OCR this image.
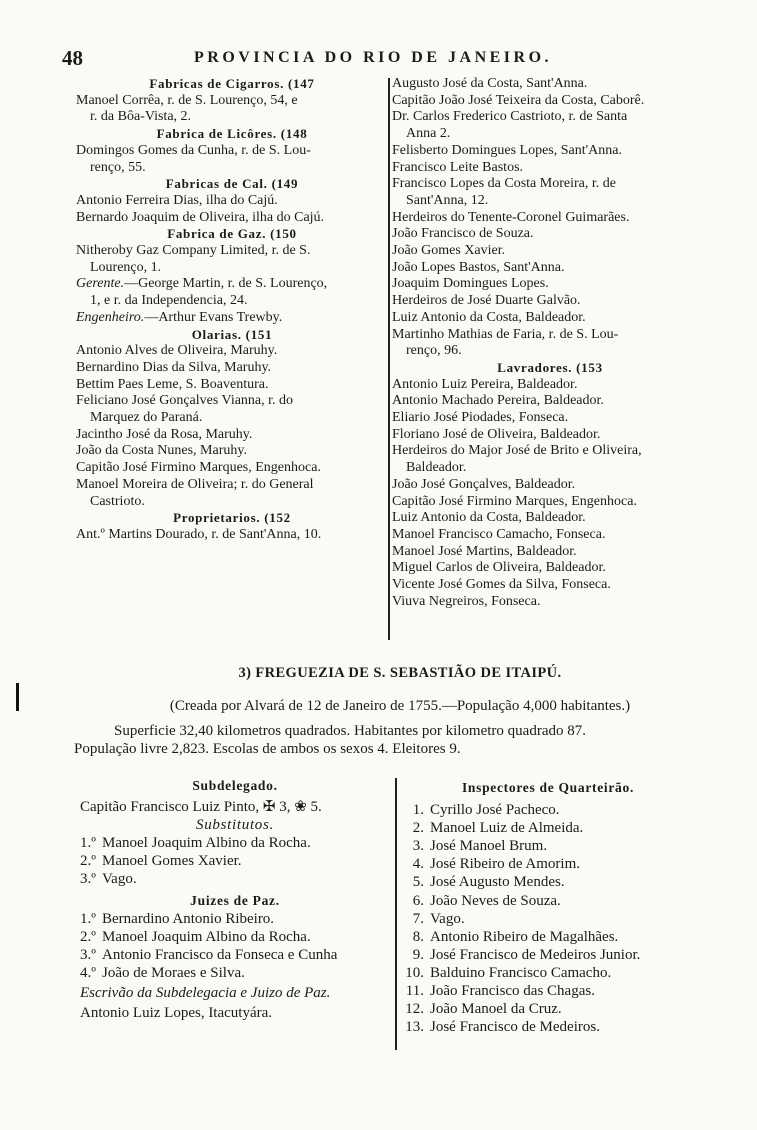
48	PROVINCIA DO RIO DE JANEIRO.
Fabricas de Cigarros. (147
Manoel Corrêa, r. de S. Lourenço, 54, e
r. da Bôa-Vista, 2.
Fabrica de Licôres. (148
Domingos Gomes da Cunha, r. de S. Lou-
renço, 55.
Fabricas de Cal. (149
Antonio Ferreira Dias, ilha do Cajú.
Bernardo Joaquim de Oliveira, ilha do Cajú.
Fabrica de Gaz. (150
Nitheroby Gaz Company Limited, r. de S.
Lourenço, 1.
Gerente.—George Martin, r. de S. Lourenço,
1, e r. da Independencia, 24.
Engenheiro.—Arthur Evans Trewby.
Olarias. (151
Antonio Alves de Oliveira, Maruhy.
Bernardino Dias da Silva, Maruhy.
Bettim Paes Leme, S. Boaventura.
Feliciano José Gonçalves Vianna, r. do
Marquez do Paraná.
Jacintho José da Rosa, Maruhy.
João da Costa Nunes, Maruhy.
Capitão José Firmino Marques, Engenhoca.
Manoel Moreira de Oliveira; r. do General
Castrioto.
Proprietarios. (152
Ant.º Martins Dourado, r. de Sant'Anna, 10.
Augusto José da Costa, Sant'Anna.
Capitão João José Teixeira da Costa, Caborê.
Dr. Carlos Frederico Castrioto, r. de Santa
Anna 2.
Felisberto Domingues Lopes, Sant'Anna.
Francisco Leite Bastos.
Francisco Lopes da Costa Moreira, r. de
Sant'Anna, 12.
Herdeiros do Tenente-Coronel Guimarães.
João Francisco de Souza.
João Gomes Xavier.
João Lopes Bastos, Sant'Anna.
Joaquim Domingues Lopes.
Herdeiros de José Duarte Galvão.
Luiz Antonio da Costa, Baldeador.
Martinho Mathias de Faria, r. de S. Lou-
renço, 96.
Lavradores. (153
Antonio Luiz Pereira, Baldeador.
Antonio Machado Pereira, Baldeador.
Eliario José Piodades, Fonseca.
Floriano José de Oliveira, Baldeador.
Herdeiros do Major José de Brito e Oliveira,
Baldeador.
João José Gonçalves, Baldeador.
Capitão José Firmino Marques, Engenhoca.
Luiz Antonio da Costa, Baldeador.
Manoel Francisco Camacho, Fonseca.
Manoel José Martins, Baldeador.
Miguel Carlos de Oliveira, Baldeador.
Vicente José Gomes da Silva, Fonseca.
Viuva Negreiros, Fonseca.
3) FREGUEZIA DE S. SEBASTIÃO DE ITAIPÚ.
(Creada por Alvará de 12 de Janeiro de 1755.—População 4,000 habitantes.)
Superficie 32,40 kilometros quadrados. Habitantes por kilometro quadrado 87.
População livre 2,823. Escolas de ambos os sexos 4. Eleitores 9.
Subdelegado.
Capitão Francisco Luiz Pinto, ✠ 3, ❀ 5.
Substitutos.
1.º Manoel Joaquim Albino da Rocha.
2.º Manoel Gomes Xavier.
3.º Vago.
Juizes de Paz.
1.º Bernardino Antonio Ribeiro.
2.º Manoel Joaquim Albino da Rocha.
3.º Antonio Francisco da Fonseca e Cunha
4.º João de Moraes e Silva.
Escrivão da Subdelegacia e Juizo de Paz.
Antonio Luiz Lopes, Itacutyára.
Inspectores de Quarteirão.
1. Cyrillo José Pacheco.
2. Manoel Luiz de Almeida.
3. José Manoel Brum.
4. José Ribeiro de Amorim.
5. José Augusto Mendes.
6. João Neves de Souza.
7. Vago.
8. Antonio Ribeiro de Magalhães.
9. José Francisco de Medeiros Junior.
10. Balduino Francisco Camacho.
11. João Francisco das Chagas.
12. João Manoel da Cruz.
13. José Francisco de Medeiros.
